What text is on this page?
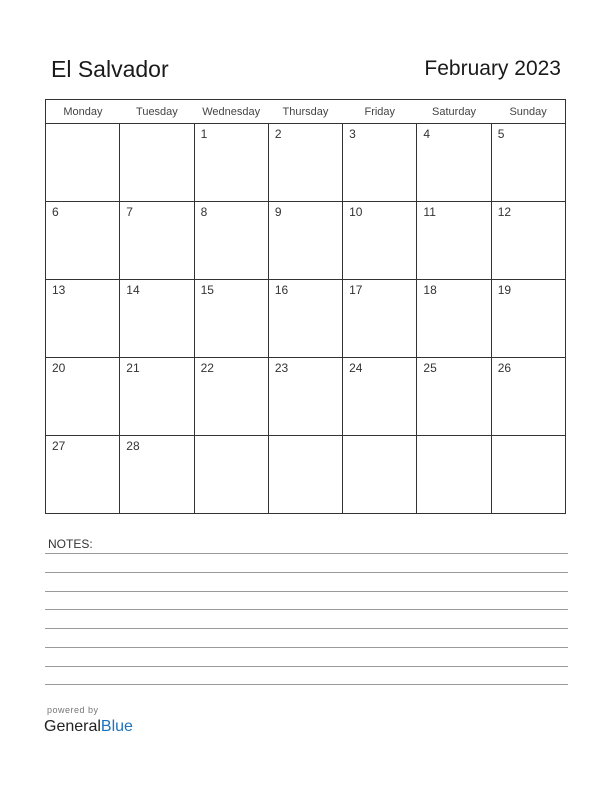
El Salvador	February 2023
Monday	Tuesday	Wednesday	Thursday	Friday	Saturday	Sunday

		1	2	3	4	5

6	7	8	9	10	11	12

13	14	15	16	17	18	19

20	21	22	23	24	25	26

27	28					

NOTES:
powered by
GeneralBlue
